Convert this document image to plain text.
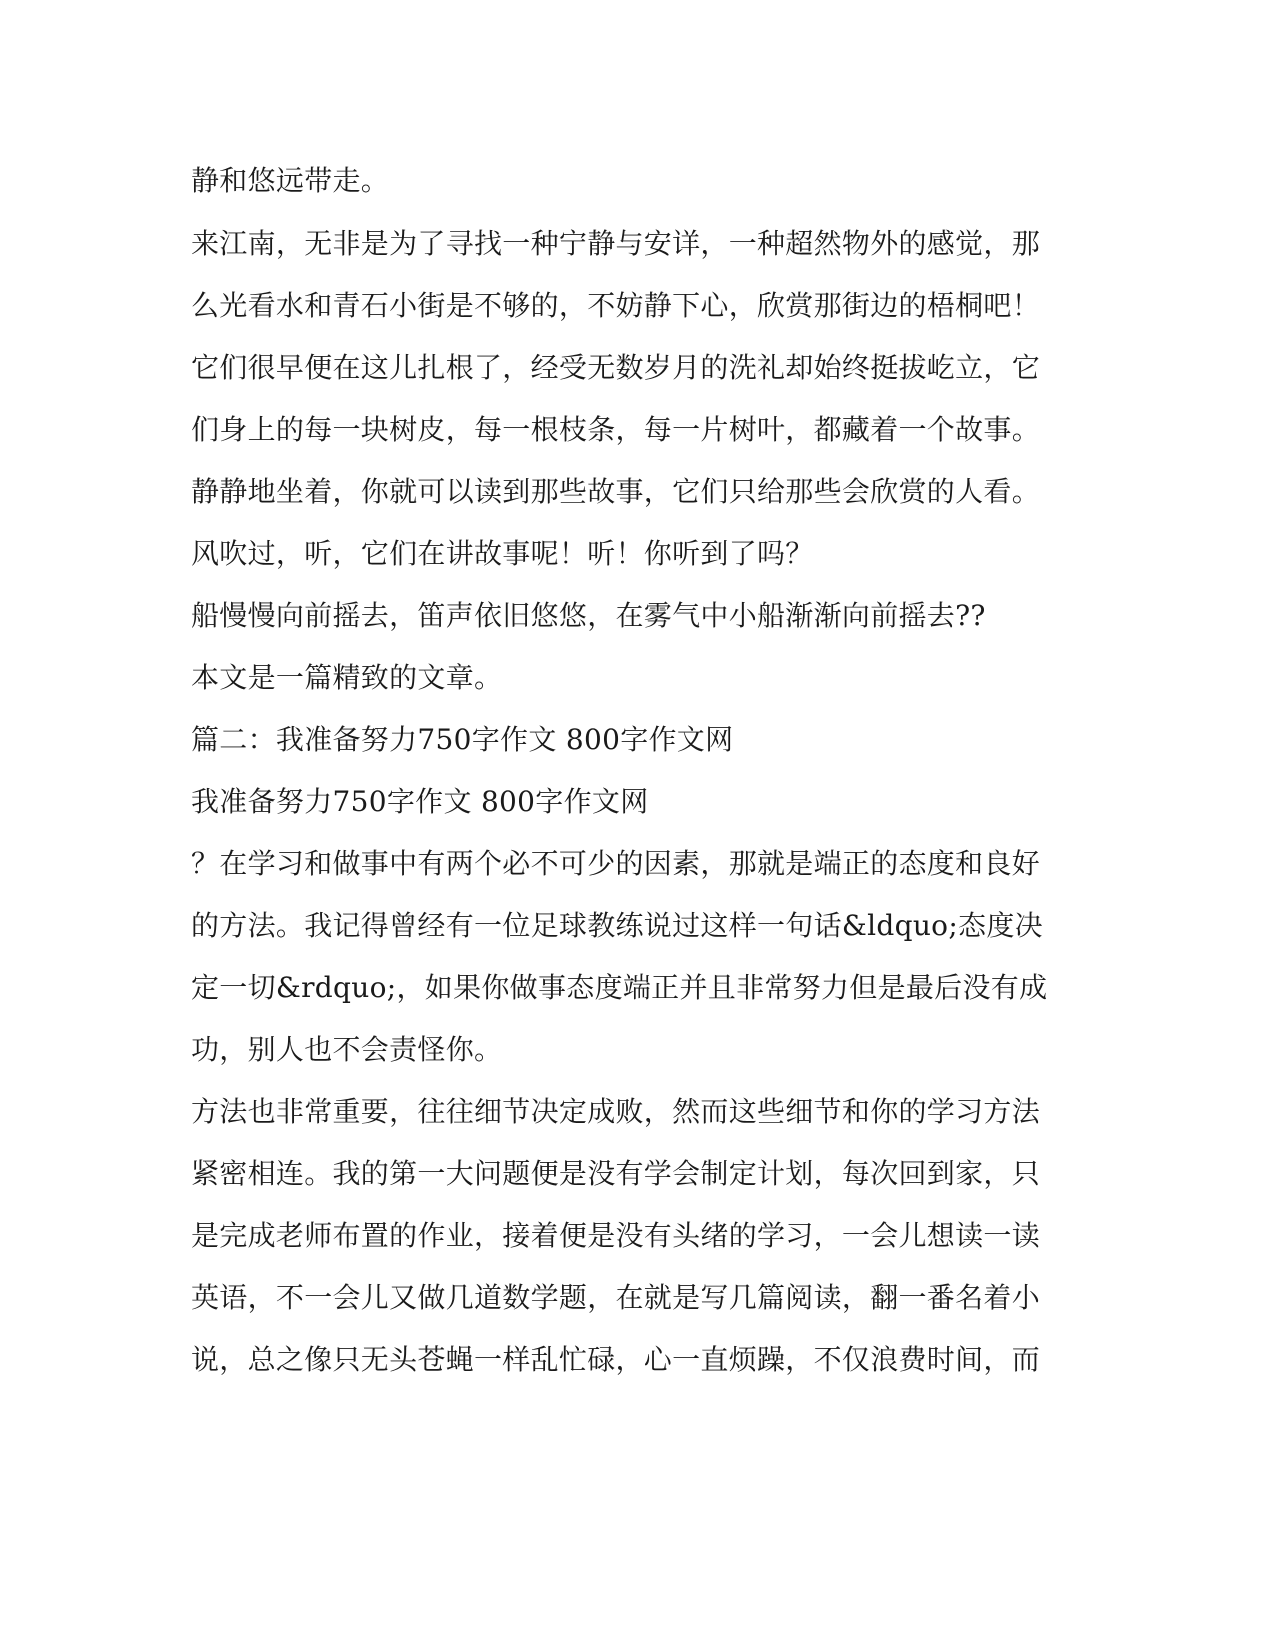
静和悠远带走。

来江南，无非是为了寻找一种宁静与安详，一种超然物外的感觉，那

么光看水和青石小街是不够的，不妨静下心，欣赏那街边的梧桐吧！

它们很早便在这儿扎根了，经受无数岁月的洗礼却始终挺拔屹立，它

们身上的每一块树皮，每一根枝条，每一片树叶，都藏着一个故事。

静静地坐着，你就可以读到那些故事，它们只给那些会欣赏的人看。

风吹过，听，它们在讲故事呢！听！你听到了吗？

船慢慢向前摇去，笛声依旧悠悠，在雾气中小船渐渐向前摇去??

本文是一篇精致的文章。

篇二：我准备努力750字作文 800字作文网

我准备努力750字作文 800字作文网

？在学习和做事中有两个必不可少的因素，那就是端正的态度和良好

的方法。我记得曾经有一位足球教练说过这样一句话&ldquo;态度决

定一切&rdquo;，如果你做事态度端正并且非常努力但是最后没有成

功，别人也不会责怪你。

方法也非常重要，往往细节决定成败，然而这些细节和你的学习方法

紧密相连。我的第一大问题便是没有学会制定计划，每次回到家，只

是完成老师布置的作业，接着便是没有头绪的学习，一会儿想读一读

英语，不一会儿又做几道数学题，在就是写几篇阅读，翻一番名着小

说，总之像只无头苍蝇一样乱忙碌，心一直烦躁，不仅浪费时间，而
